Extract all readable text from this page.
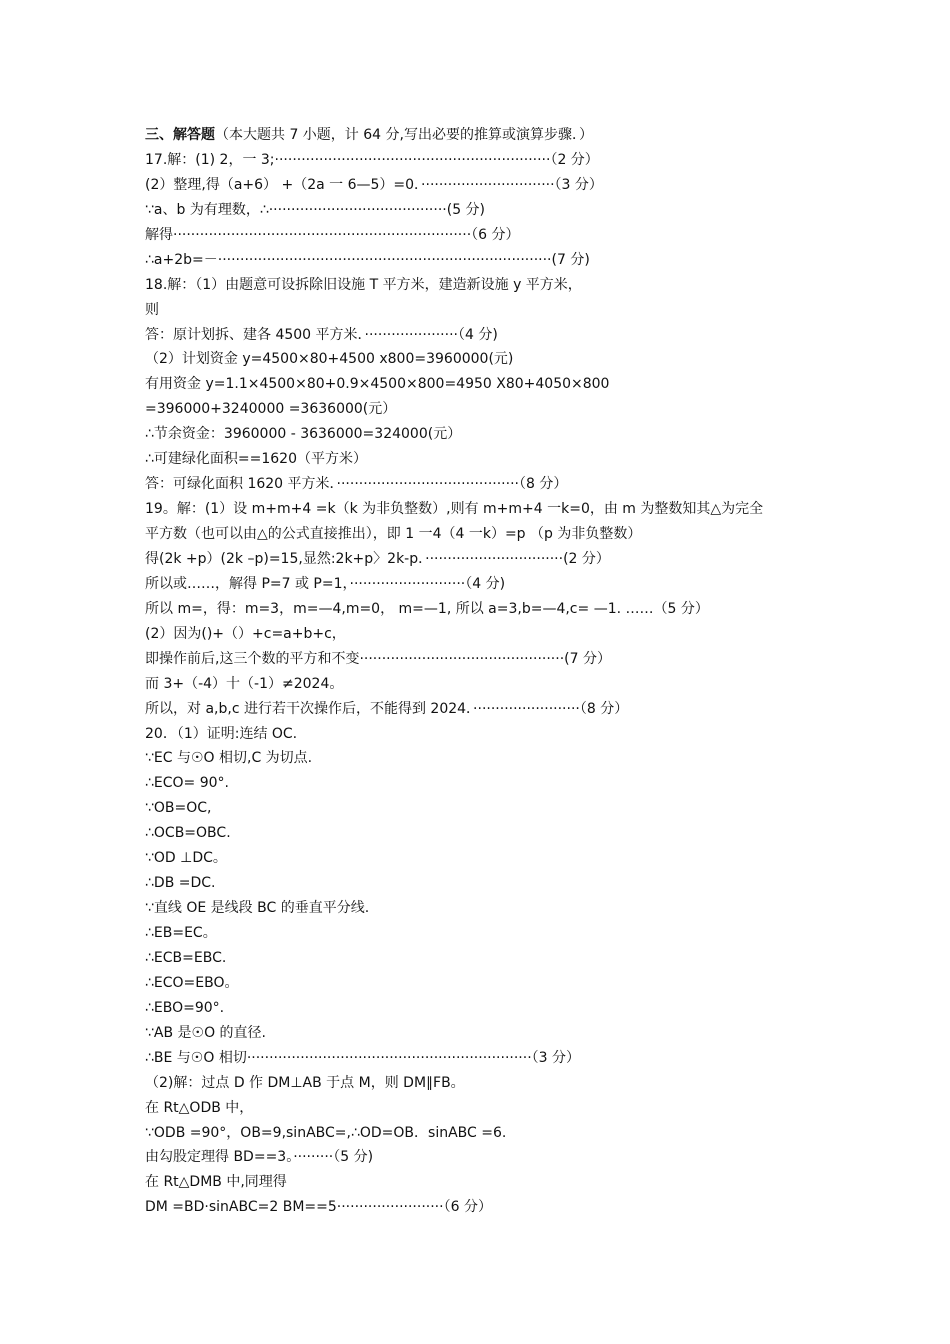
三、解答题（本大题共 7 小题，计 64 分,写出必要的推算或演算步骤．）
17.解：(1) 2，一 3;······························································（2 分）
(2）整理,得（a+6） +（2a 一 6—5）=0．······························（3 分）
∵a、b 为有理数，∴········································(5 分)
解得···································································（6 分）
∴a+2b=－···········································································(7 分)
18.解：（1）由题意可设拆除旧设施 T 平方米，建造新设施 y 平方米，
则
答：原计划拆、建各 4500 平方米．·····················（4 分)
（2）计划资金 y=4500×80+4500 x800=3960000(元)
有用资金 y=1.1×4500×80+0.9×4500×800=4950 X80+4050×800
=396000+3240000 =3636000(元）
∴节余资金：3960000 - 3636000=324000(元）
∴可建绿化面积==1620（平方米）
答：可绿化面积 1620 平方米．·········································（8 分）
19。解：(1）设 m+m+4 =k（k 为非负整数）,则有 m+m+4 一k=0，由 m 为整数知其△为完全
平方数（也可以由△的公式直接推出），即 1 一4（4 一k）=p （p 为非负整数）
得(2k +p）(2k –p)=15,显然:2k+p〉2k-p．·······························(2 分）
所以或……，解得 P=7 或 P=1，··························（4 分)
所以 m=，得：m=3，m=—4,m=0， m=—1, 所以 a=3,b=—4,c= —1. ……（5 分）
(2）因为()+（）+c=a+b+c，
即操作前后,这三个数的平方和不变··············································(7 分）
而 3+（-4）十（-1）≠2024。
所以，对 a,b,c 进行若干次操作后，不能得到 2024．························（8 分）
20．（1）证明:连结 OC.
∵EC 与☉O 相切,C 为切点.
∴ECO= 90°.
∵OB=OC,
∴OCB=OBC.
∵OD ⊥DC。
∴DB =DC.
∵直线 OE 是线段 BC 的垂直平分线.
∴EB=EC。
∴ECB=EBC.
∴ECO=EBO。
∴EBO=90°.
∵AB 是☉O 的直径.
∴BE 与☉O 相切································································（3 分）
（2)解：过点 D 作 DM⊥AB 于点 M，则 DM∥FB。
在 Rt△ODB 中，
∵ODB =90°，OB=9,sinABC=,∴OD=OB．sinABC =6.
由勾股定理得 BD==3。·········（5 分)
在 Rt△DMB 中,同理得
DM =BD·sinABC=2 BM==5························（6 分）
